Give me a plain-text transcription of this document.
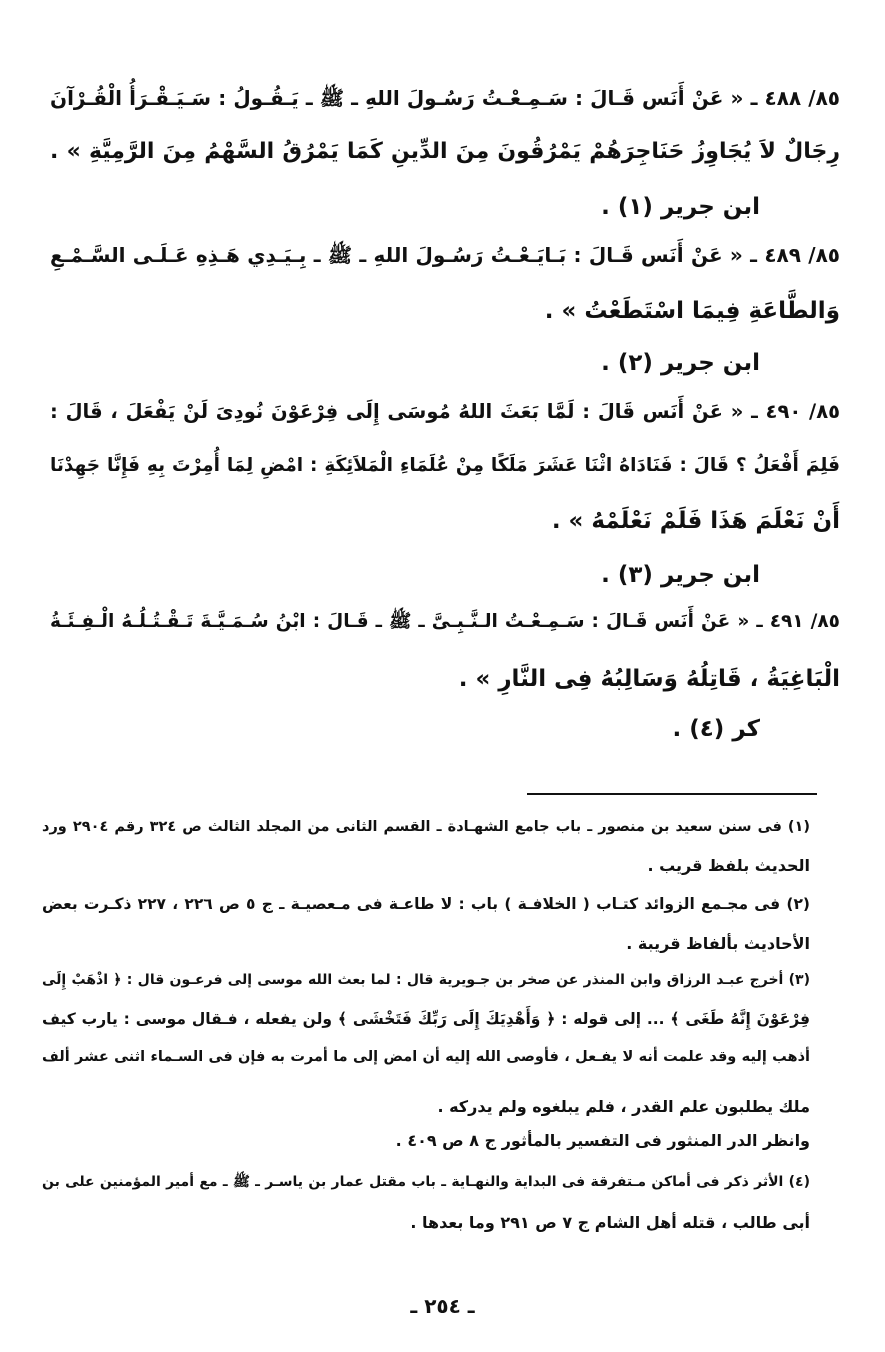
٨٥/ ٤٨٨ ـ « عَنْ أَنَس قَـالَ : سَـمِـعْـتُ رَسُـولَ اللهِ ـ ﷺ ـ يَـقُـولُ : سَـيَـقْـرَأُ الْقُـرْآنَ
رِجَالٌ لاَ يُجَاوِزُ حَنَاجِرَهُمْ يَمْرُقُونَ مِنَ الدِّينِ كَمَا يَمْرُقُ السَّهْمُ مِنَ الرَّمِيَّةِ » .
ابن جرير (١) .
٨٥/ ٤٨٩ ـ « عَنْ أَنَس قَـالَ : بَـايَـعْـتُ رَسُـولَ اللهِ ـ ﷺ ـ بِـيَـدِي هَـذِهِ عَـلَـى السَّـمْـعِ
وَالطَّاعَةِ فِيمَا اسْتَطَعْتُ » .
ابن جرير (٢) .
٨٥/ ٤٩٠ ـ « عَنْ أَنَس قَالَ : لَمَّا بَعَثَ اللهُ مُوسَى إِلَى فِرْعَوْنَ نُودِىَ لَنْ يَفْعَلَ ، قَالَ :
فَلِمَ أَفْعَلُ ؟ قَالَ : فَنَادَاهُ اثْنَا عَشَرَ مَلَكًا مِنْ عُلَمَاءِ الْمَلاَئِكَةِ : امْضِ لِمَا أُمِرْتَ بِهِ فَإِنَّا جَهِدْنَا
أَنْ نَعْلَمَ هَذَا فَلَمْ نَعْلَمْهُ » .
ابن جرير (٣) .
٨٥/ ٤٩١ ـ « عَنْ أَنَس قَـالَ : سَـمِـعْـتُ الـنَّـبِـىَّ ـ ﷺ ـ قَـالَ : ابْنُ سُـمَـيَّـةَ تَـقْـتُـلُـهُ الْـفِـئَـةُ
الْبَاغِيَةُ ، قَاتِلُهُ وَسَالِبُهُ فِى النَّارِ » .
كر (٤) .
(١) فى سنن سعيد بن منصور ـ باب جامع الشهـادة ـ القسم الثانى من المجلد الثالث ص ٣٢٤ رقم ٢٩٠٤ ورد
الحديث بلفظ قريب .
(٢) فى مجـمع الزوائد كتـاب ( الخلافـة ) باب : لا طاعـة فى مـعصيـة ـ ج ٥ ص ٢٢٦ ، ٢٢٧ ذكـرت بعض
الأحاديث بألفاظ قريبة .
(٣) أخرج عبـد الرزاق وابن المنذر عن صخر بن جـويرية قال : لما بعث الله موسى إلى فرعـون قال : ﴿ اذْهَبْ إِلَى
فِرْعَوْنَ إِنَّهُ طَغَى ﴾ ... إلى قوله : ﴿ وَأَهْدِيَكَ إِلَى رَبِّكَ فَتَخْشَى ﴾ ولن يفعله ، فـقال موسى : يارب كيف
أذهب إليه وقد علمت أنه لا يفـعل ، فأوصى الله إليه أن امض إلى ما أمرت به فإن فى السـماء اثنى عشر ألف
ملك يطلبون علم القدر ، فلم يبلغوه ولم يدركه .
وانظر الدر المنثور فى التفسير بالمأثور ج ٨ ص ٤٠٩ .
(٤) الأثر ذكر فى أماكن مـتفرقة فى البداية والنهـاية ـ باب مقتل عمار بن ياسـر ـ ﷺ ـ مع أمير المؤمنين على بن
أبى طالب ، قتله أهل الشام ج ٧ ص ٢٩١ وما بعدها .
ـ ٢٥٤ ـ
